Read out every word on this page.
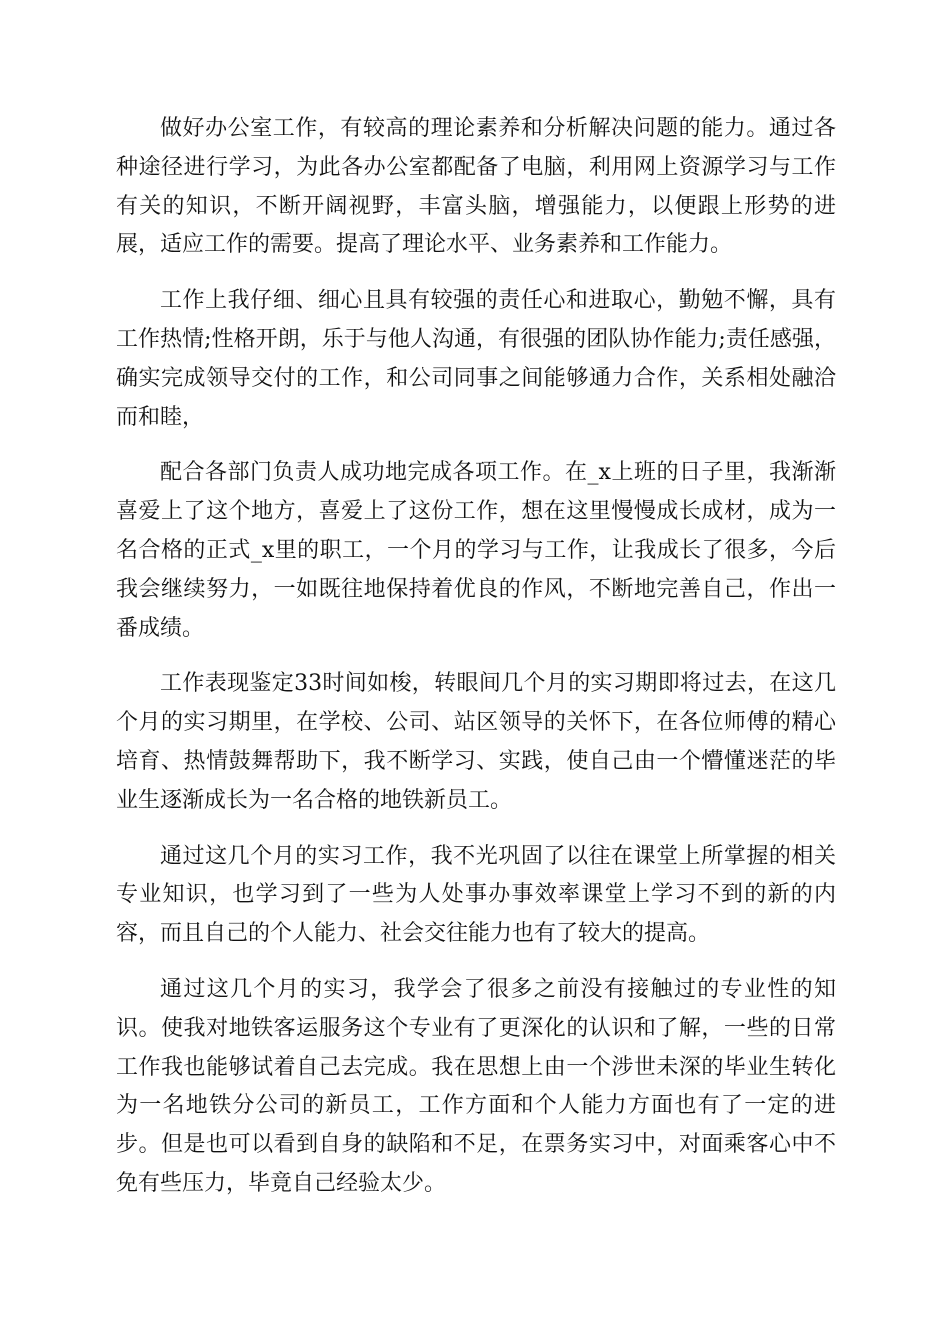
做好办公室工作，有较高的理论素养和分析解决问题的能力。通过各种途径进行学习，为此各办公室都配备了电脑，利用网上资源学习与工作有关的知识，不断开阔视野，丰富头脑，增强能力，以便跟上形势的进展，适应工作的需要。提高了理论水平、业务素养和工作能力。

工作上我仔细、细心且具有较强的责任心和进取心，勤勉不懈，具有工作热情;性格开朗，乐于与他人沟通，有很强的团队协作能力;责任感强，确实完成领导交付的工作，和公司同事之间能够通力合作，关系相处融洽而和睦，

配合各部门负责人成功地完成各项工作。在_x上班的日子里，我渐渐喜爱上了这个地方，喜爱上了这份工作，想在这里慢慢成长成材，成为一名合格的正式_x里的职工，一个月的学习与工作，让我成长了很多，今后我会继续努力，一如既往地保持着优良的作风，不断地完善自己，作出一番成绩。

工作表现鉴定33时间如梭，转眼间几个月的实习期即将过去，在这几个月的实习期里，在学校、公司、站区领导的关怀下，在各位师傅的精心培育、热情鼓舞帮助下，我不断学习、实践，使自己由一个懵懂迷茫的毕业生逐渐成长为一名合格的地铁新员工。

通过这几个月的实习工作，我不光巩固了以往在课堂上所掌握的相关专业知识，也学习到了一些为人处事办事效率课堂上学习不到的新的内容，而且自己的个人能力、社会交往能力也有了较大的提高。

通过这几个月的实习，我学会了很多之前没有接触过的专业性的知识。使我对地铁客运服务这个专业有了更深化的认识和了解，一些的日常工作我也能够试着自己去完成。我在思想上由一个涉世未深的毕业生转化为一名地铁分公司的新员工，工作方面和个人能力方面也有了一定的进步。但是也可以看到自身的缺陷和不足，在票务实习中，对面乘客心中不免有些压力，毕竟自己经验太少。
